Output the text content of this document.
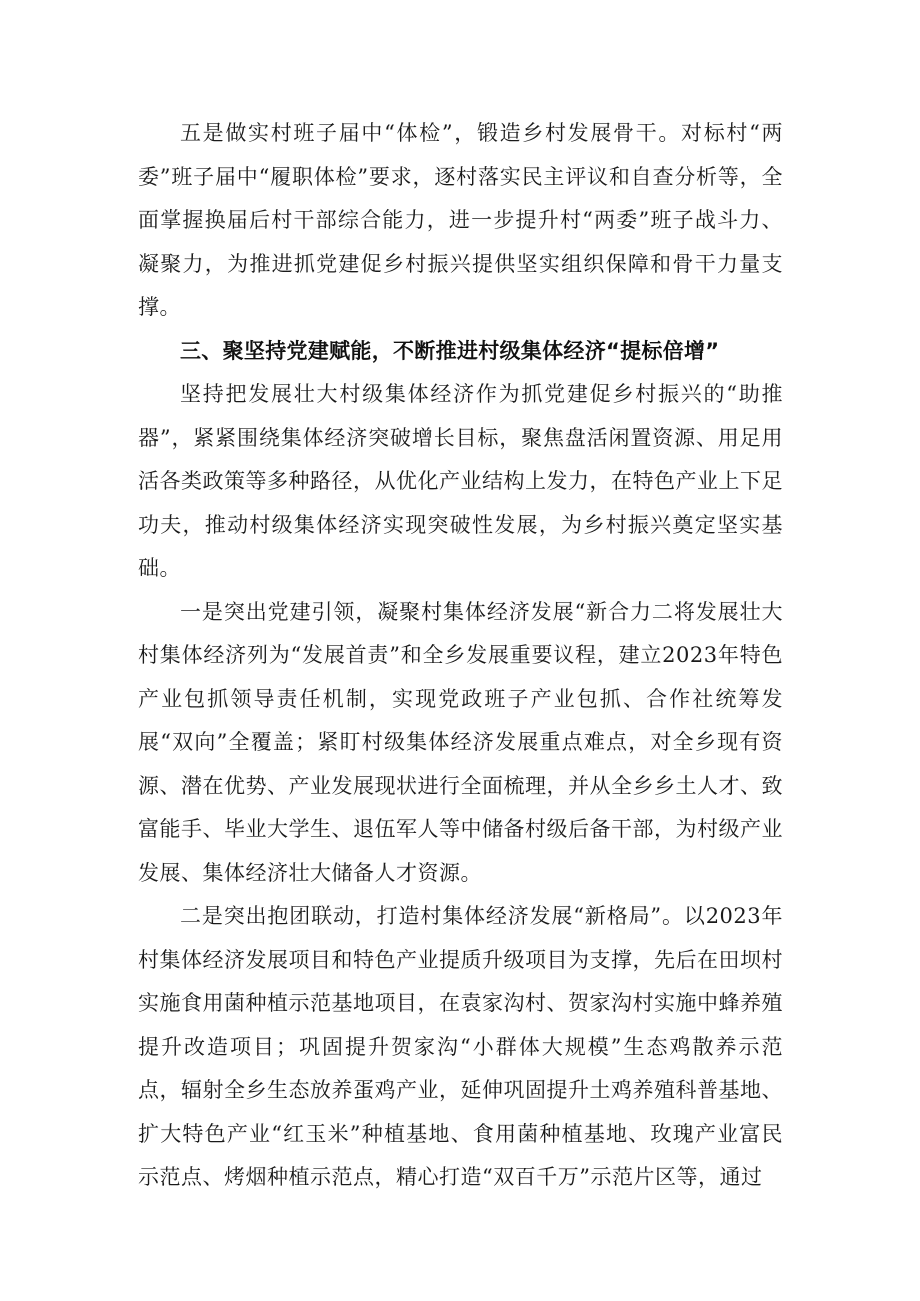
五是做实村班子届中“体检”，锻造乡村发展骨干。对标村“两委”班子届中“履职体检”要求，逐村落实民主评议和自查分析等，全面掌握换届后村干部综合能力，进一步提升村“两委”班子战斗力、凝聚力，为推进抓党建促乡村振兴提供坚实组织保障和骨干力量支撑。

三、聚坚持党建赋能，不断推进村级集体经济“提标倍增”

坚持把发展壮大村级集体经济作为抓党建促乡村振兴的“助推器”，紧紧围绕集体经济突破增长目标，聚焦盘活闲置资源、用足用活各类政策等多种路径，从优化产业结构上发力，在特色产业上下足功夫，推动村级集体经济实现突破性发展，为乡村振兴奠定坚实基础。

一是突出党建引领，凝聚村集体经济发展“新合力二将发展壮大村集体经济列为“发展首责”和全乡发展重要议程，建立2023年特色产业包抓领导责任机制，实现党政班子产业包抓、合作社统筹发展“双向”全覆盖；紧盯村级集体经济发展重点难点，对全乡现有资源、潜在优势、产业发展现状进行全面梳理，并从全乡乡土人才、致富能手、毕业大学生、退伍军人等中储备村级后备干部，为村级产业发展、集体经济壮大储备人才资源。

二是突出抱团联动，打造村集体经济发展“新格局”。以2023年村集体经济发展项目和特色产业提质升级项目为支撑，先后在田坝村实施食用菌种植示范基地项目，在袁家沟村、贺家沟村实施中蜂养殖提升改造项目；巩固提升贺家沟“小群体大规模”生态鸡散养示范点，辐射全乡生态放养蛋鸡产业，延伸巩固提升土鸡养殖科普基地、扩大特色产业“红玉米”种植基地、食用菌种植基地、玫瑰产业富民示范点、烤烟种植示范点，精心打造“双百千万”示范片区等，通过
